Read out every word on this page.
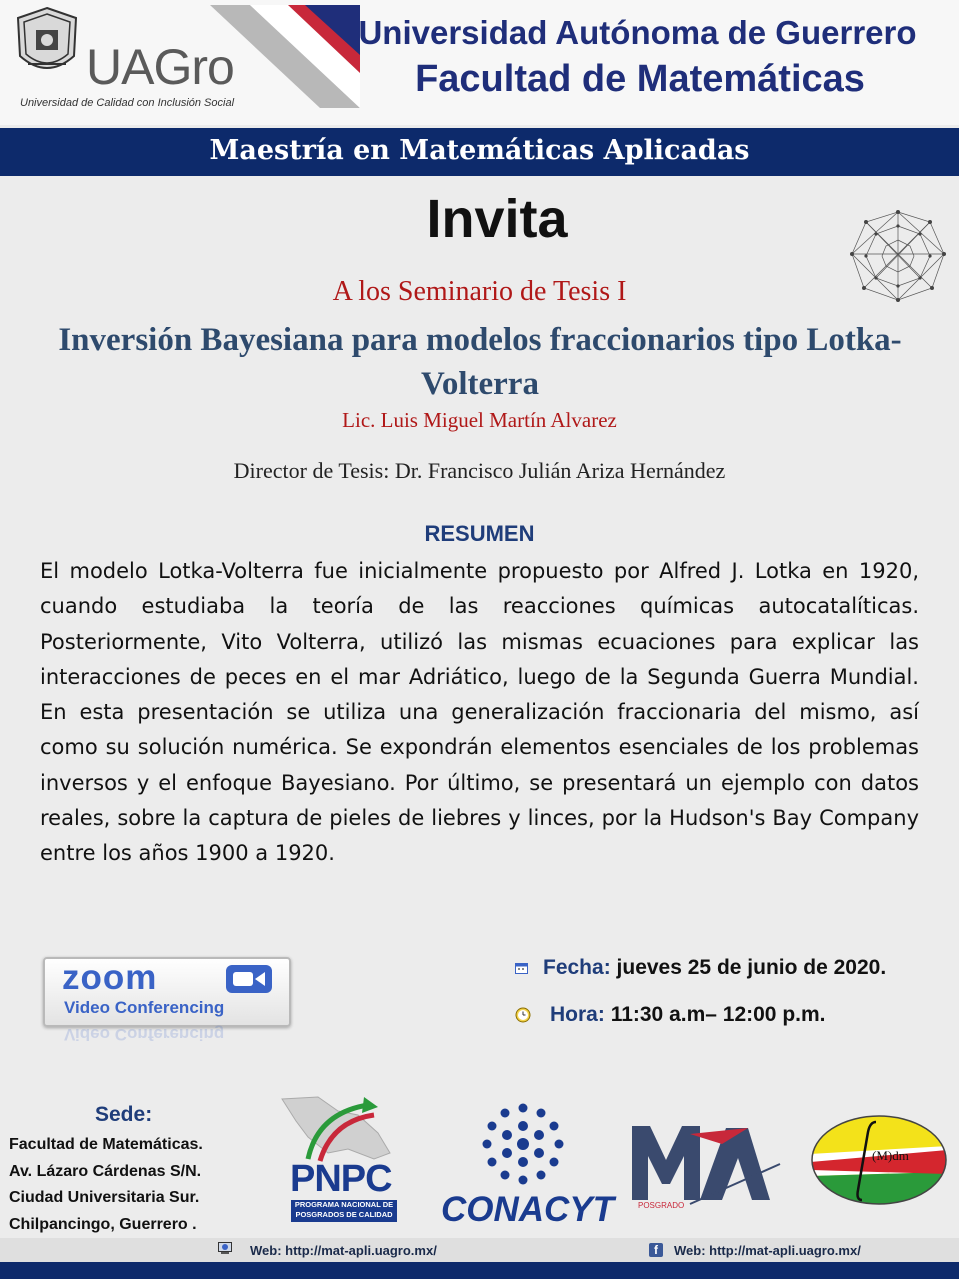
UAGro
Universidad de Calidad con Inclusión Social
Universidad Autónoma de Guerrero
Facultad de Matemáticas
Maestría en Matemáticas Aplicadas
Invita
A los Seminario de Tesis I
Inversión Bayesiana para modelos fraccionarios tipo Lotka-Volterra
Lic. Luis Miguel Martín Alvarez
Director de Tesis: Dr. Francisco Julián Ariza Hernández
RESUMEN
El modelo Lotka-Volterra fue inicialmente propuesto por Alfred J. Lotka en 1920, cuando estudiaba la teoría de las reacciones químicas autocatalíticas. Posteriormente, Vito Volterra, utilizó las mismas ecuaciones para explicar las interacciones de peces en el mar Adriático, luego de la Segunda Guerra Mundial. En esta presentación se utiliza una generalización fraccionaria del mismo, así como su solución numérica. Se expondrán elementos esenciales de los problemas inversos y el enfoque Bayesiano. Por último, se presentará un ejemplo con datos reales, sobre la captura de pieles de liebres y linces, por la Hudson's Bay Company entre los años 1900 a 1920.
zoom
Video Conferencing
Video Conferencing
Fecha: jueves 25 de junio de 2020.
Hora: 11:30 a.m– 12:00 p.m.
Sede:
Facultad de Matemáticas.
Av. Lázaro Cárdenas S/N.
Ciudad Universitaria Sur.
Chilpancingo, Guerrero .
PNPC
PROGRAMA NACIONAL DE POSGRADOS DE CALIDAD CONACYT	POSGRADO
(M)dm
Web: http://mat-apli.uagro.mx/	f	Web: http://mat-apli.uagro.mx/
